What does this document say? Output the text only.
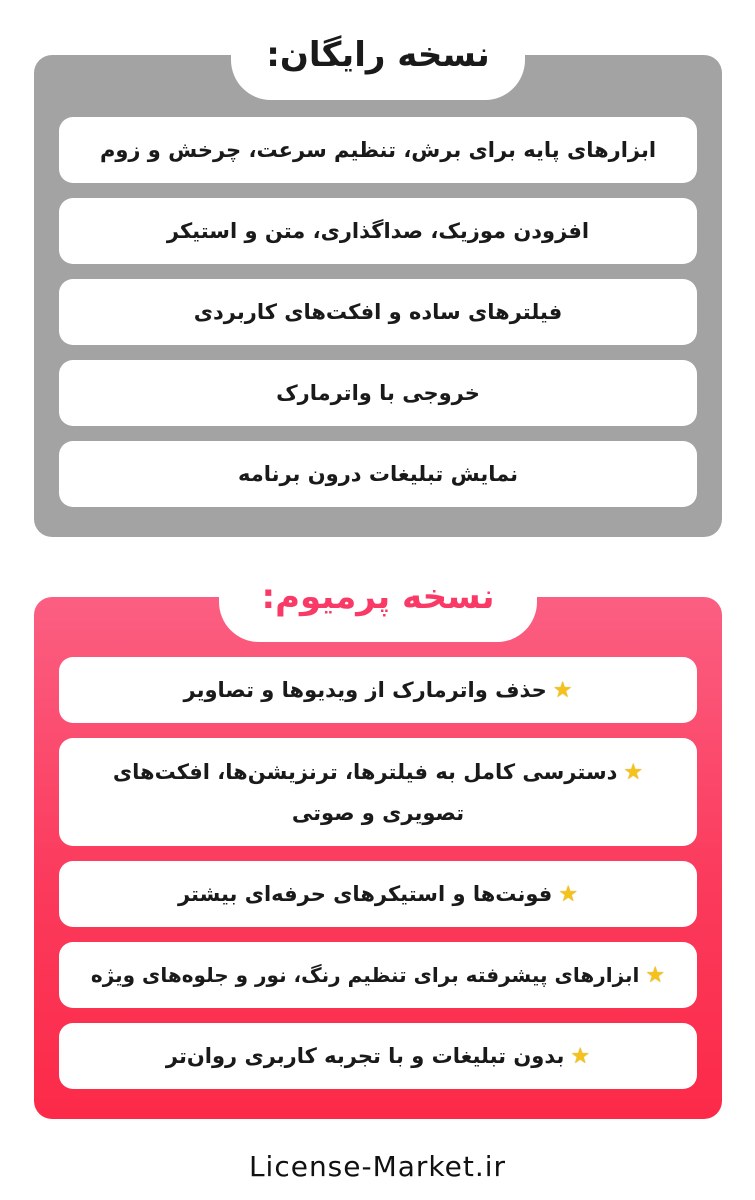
نسخه رایگان:
ابزارهای پایه برای برش، تنظیم سرعت، چرخش و زوم
افزودن موزیک، صداگذاری، متن و استیکر
فیلترهای ساده و افکت‌های کاربردی
خروجی با واترمارک
نمایش تبلیغات درون برنامه
نسخه پرمیوم:
★حذف واترمارک از ویدیوها و تصاویر
★دسترسی کامل به فیلترها، ترنزیشن‌ها، افکت‌های تصویری و صوتی
★فونت‌ها و استیکرهای حرفه‌ای بیشتر
★ابزارهای پیشرفته برای تنظیم رنگ، نور و جلوه‌های ویژه
★بدون تبلیغات و با تجربه کاربری روان‌تر
License-Market.ir
